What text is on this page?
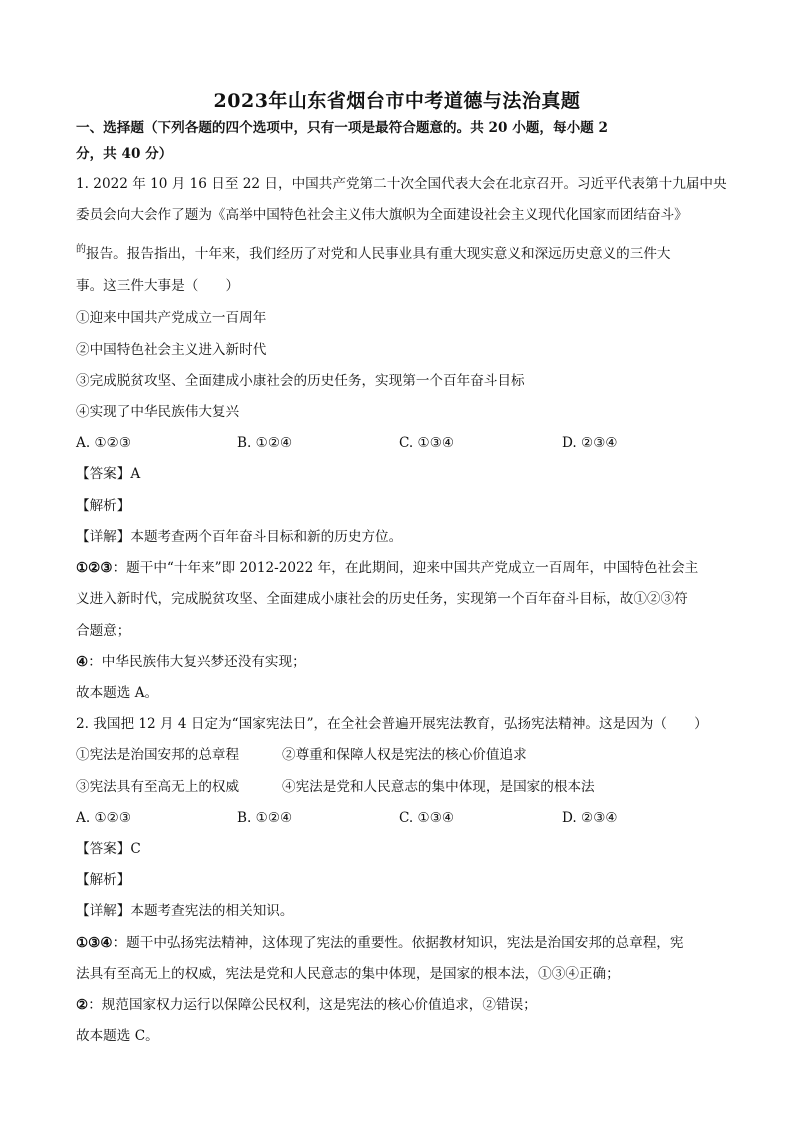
2023年山东省烟台市中考道德与法治真题
一、选择题（下列各题的四个选项中，只有一项是最符合题意的。共 20 小题，每小题 2
分，共 40 分）
1. 2022 年 10 月 16 日至 22 日，中国共产党第二十次全国代表大会在北京召开。习近平代表第十九届中央
委员会向大会作了题为《高举中国特色社会主义伟大旗帜为全面建设社会主义现代化国家而团结奋斗》
$^的$报告。报告指出，十年来，我们经历了对党和人民事业具有重大现实意义和深远历史意义的三件大
事。这三件大事是（　　）
①迎来中国共产党成立一百周年
②中国特色社会主义进入新时代
③完成脱贫攻坚、全面建成小康社会的历史任务，实现第一个百年奋斗目标
④实现了中华民族伟大复兴
A. ①②③	B. ①②④	C. ①③④	D. ②③④
【答案】A
【解析】
【详解】本题考查两个百年奋斗目标和新的历史方位。
①②③：题干中“十年来”即 2012-2022 年，在此期间，迎来中国共产党成立一百周年，中国特色社会主
义进入新时代，完成脱贫攻坚、全面建成小康社会的历史任务，实现第一个百年奋斗目标，故①②③符
合题意；
④：中华民族伟大复兴梦还没有实现；
故本题选 A。
2. 我国把 12 月 4 日定为“国家宪法日”，在全社会普遍开展宪法教育，弘扬宪法精神。这是因为（　　）
①宪法是治国安邦的总章程	②尊重和保障人权是宪法的核心价值追求
③宪法具有至高无上的权威	④宪法是党和人民意志的集中体现，是国家的根本法
A. ①②③	B. ①②④	C. ①③④	D. ②③④
【答案】C
【解析】
【详解】本题考查宪法的相关知识。
①③④：题干中弘扬宪法精神，这体现了宪法的重要性。依据教材知识，宪法是治国安邦的总章程，宪
法具有至高无上的权威，宪法是党和人民意志的集中体现，是国家的根本法，①③④正确；
②：规范国家权力运行以保障公民权利，这是宪法的核心价值追求，②错误；
故本题选 C。
